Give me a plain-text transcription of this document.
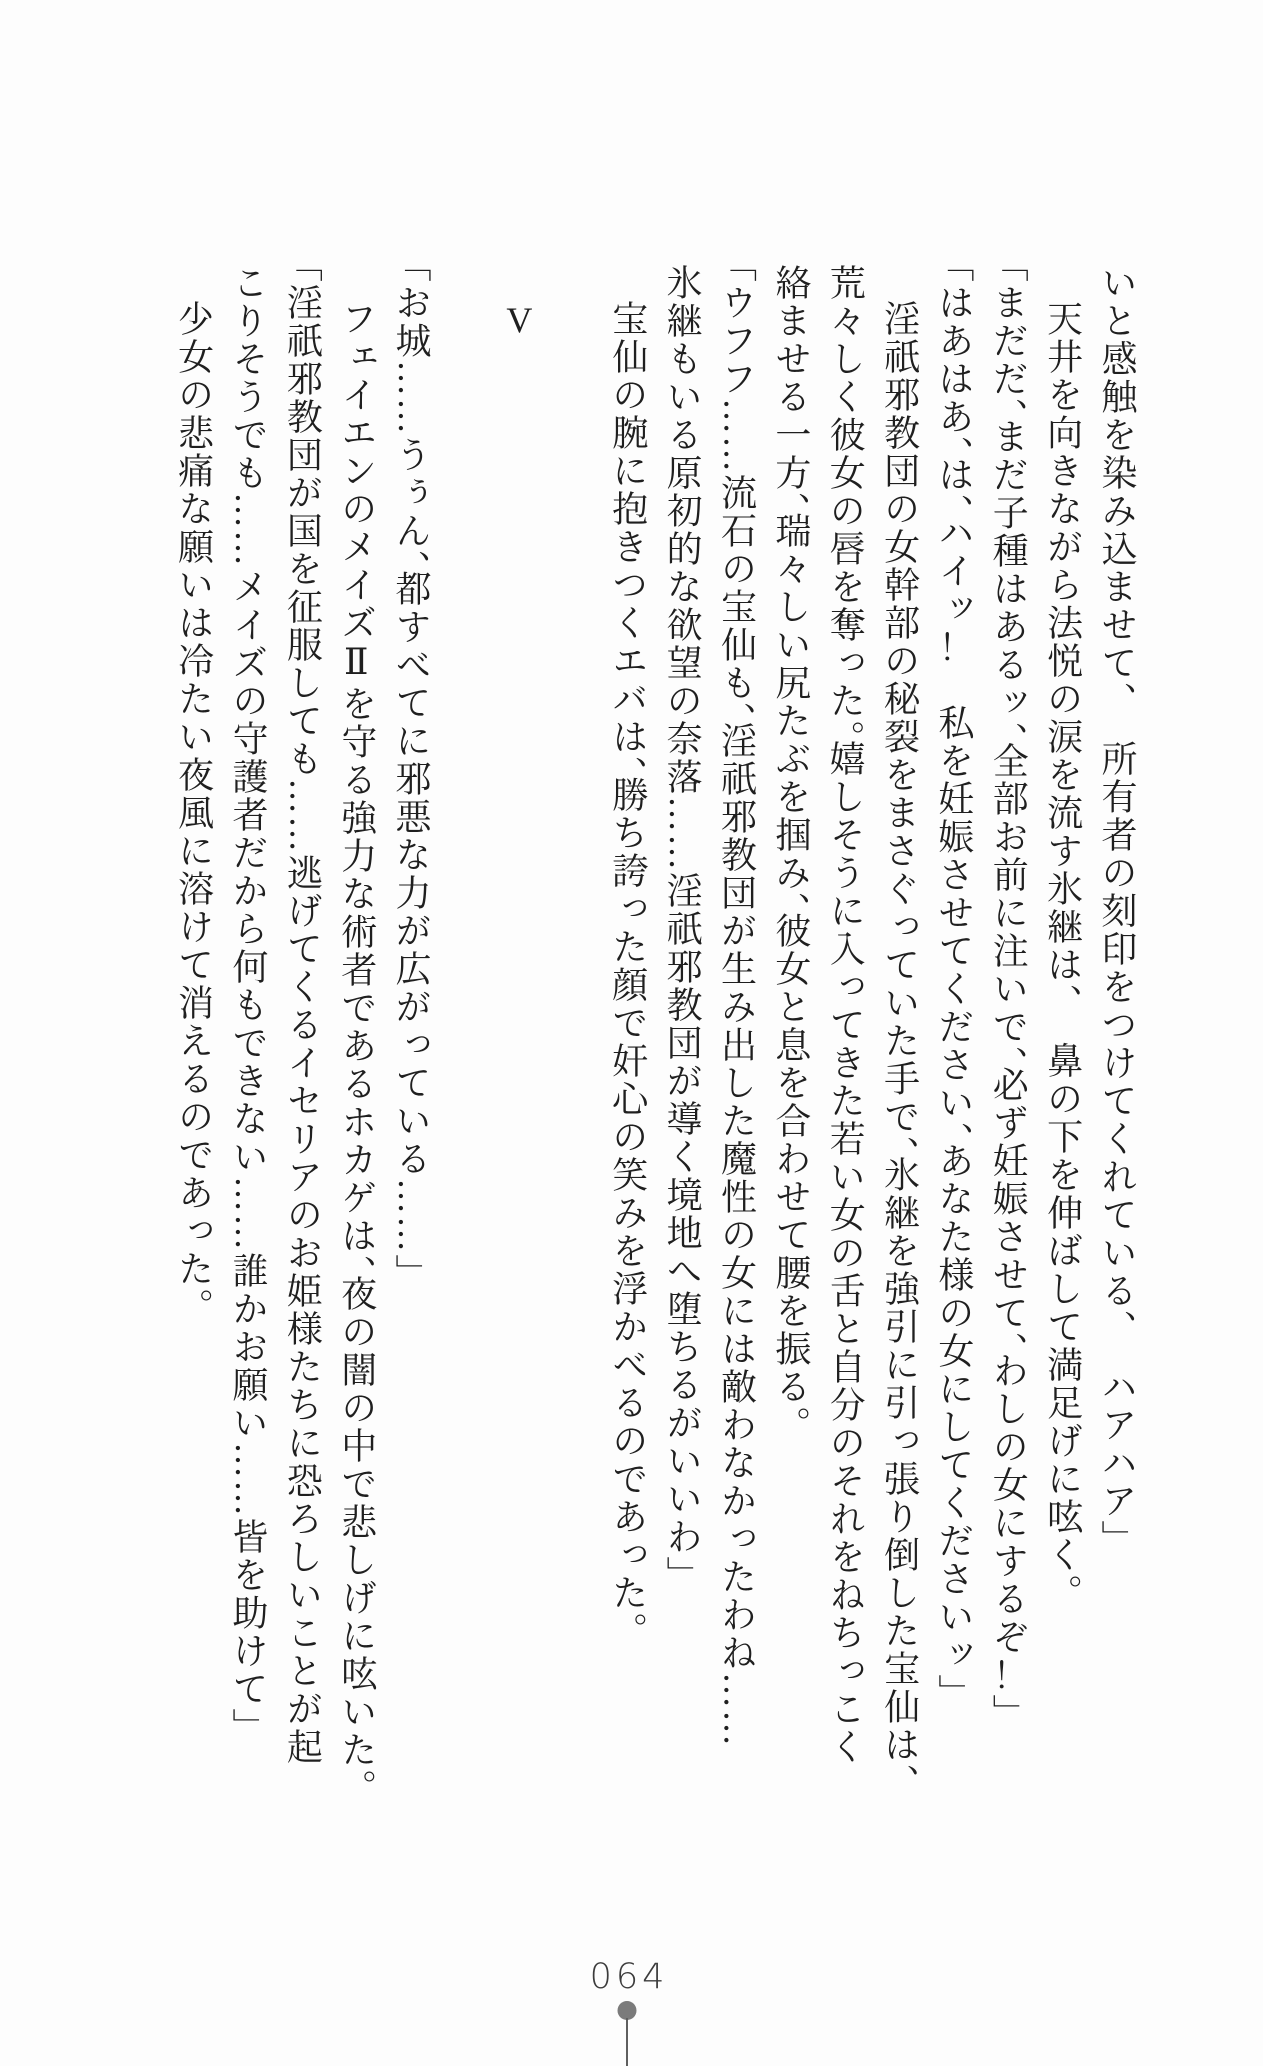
いと感触を染み込ませて、　所有者の刻印をつけてくれている、　ハアハア」

天井を向きながら法悦の涙を流す氷継は、　鼻の下を伸ばして満足げに呟く。

「まだだ、まだ子種はあるッ、全部お前に注いで、必ず妊娠させて、わしの女にするぞ！」

「はあはあ、は、ハイッ！　私を妊娠させてください、あなた様の女にしてくださいッ」

淫祇邪教団の女幹部の秘裂をまさぐっていた手で、氷継を強引に引っ張り倒した宝仙は、

荒々しく彼女の唇を奪った。嬉しそうに入ってきた若い女の舌と自分のそれをねちっこく

絡ませる一方、瑞々しい尻たぶを掴み、彼女と息を合わせて腰を振る。

「ウフフ……流石の宝仙も、淫祇邪教団が生み出した魔性の女には敵わなかったわね……

氷継もいる原初的な欲望の奈落……淫祇邪教団が導く境地へ堕ちるがいいわ」

宝仙の腕に抱きつくエバは、勝ち誇った顔で奸心の笑みを浮かべるのであった。

V

「お城……うぅん、都すべてに邪悪な力が広がっている……」

フェイエンのメイズⅡを守る強力な術者であるホカゲは、夜の闇の中で悲しげに呟いた。

「淫祇邪教団が国を征服しても……逃げてくるイセリアのお姫様たちに恐ろしいことが起

こりそうでも……メイズの守護者だから何もできない……誰かお願い……皆を助けて」

少女の悲痛な願いは冷たい夜風に溶けて消えるのであった。

064
